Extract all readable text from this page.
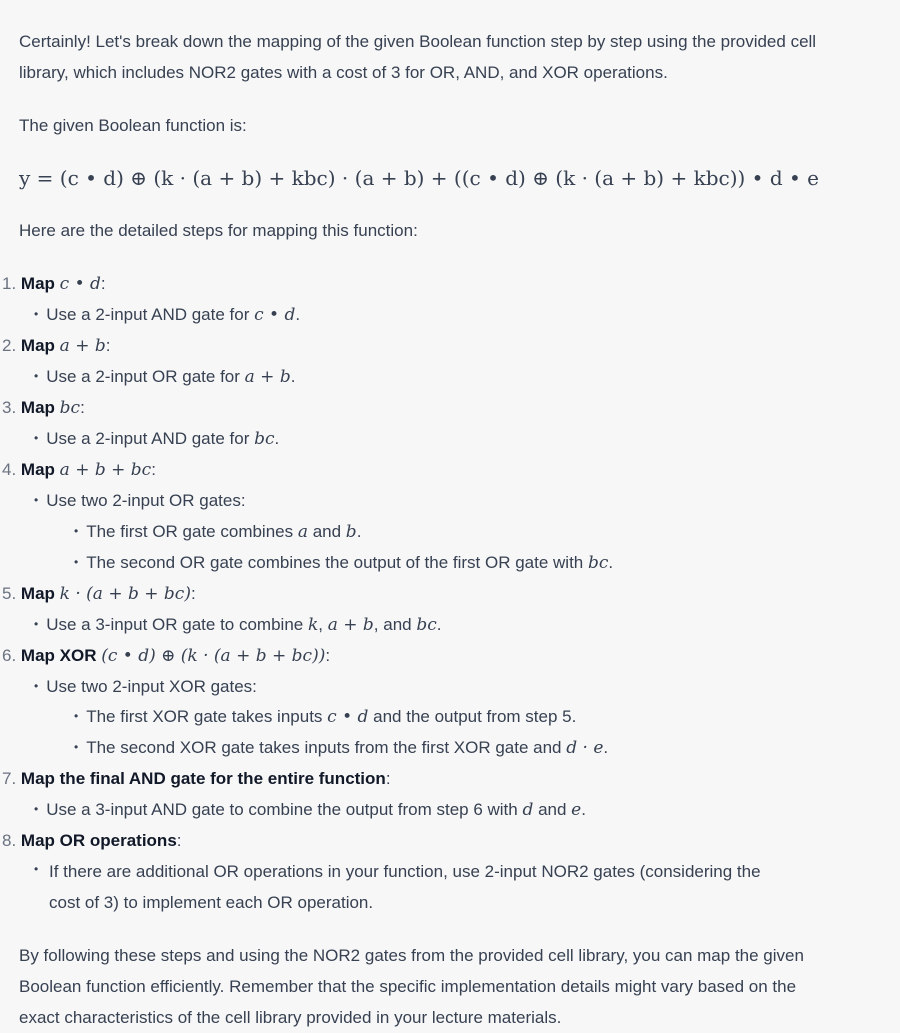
Certainly! Let's break down the mapping of the given Boolean function step by step using the provided cell library, which includes NOR2 gates with a cost of 3 for OR, AND, and XOR operations.

The given Boolean function is:

y = (c • d) ⊕ (k · (a + b) + kbc) · (a + b) + ((c • d) ⊕ (k · (a + b) + kbc)) • d • e

Here are the detailed steps for mapping this function:

1. Map c • d:
• Use a 2-input AND gate for c • d.
2. Map a + b:
• Use a 2-input OR gate for a + b.
3. Map bc:
• Use a 2-input AND gate for bc.
4. Map a + b + bc:
• Use two 2-input OR gates:
• The first OR gate combines a and b.
• The second OR gate combines the output of the first OR gate with bc.
5. Map k · (a + b + bc):
• Use a 3-input OR gate to combine k, a + b, and bc.
6. Map XOR (c • d) ⊕ (k · (a + b + bc)):
• Use two 2-input XOR gates:
• The first XOR gate takes inputs c • d and the output from step 5.
• The second XOR gate takes inputs from the first XOR gate and d · e.
7. Map the final AND gate for the entire function:
• Use a 3-input AND gate to combine the output from step 6 with d and e.
8. Map OR operations:
• If there are additional OR operations in your function, use 2-input NOR2 gates (considering the cost of 3) to implement each OR operation.

By following these steps and using the NOR2 gates from the provided cell library, you can map the given Boolean function efficiently. Remember that the specific implementation details might vary based on the exact characteristics of the cell library provided in your lecture materials.
